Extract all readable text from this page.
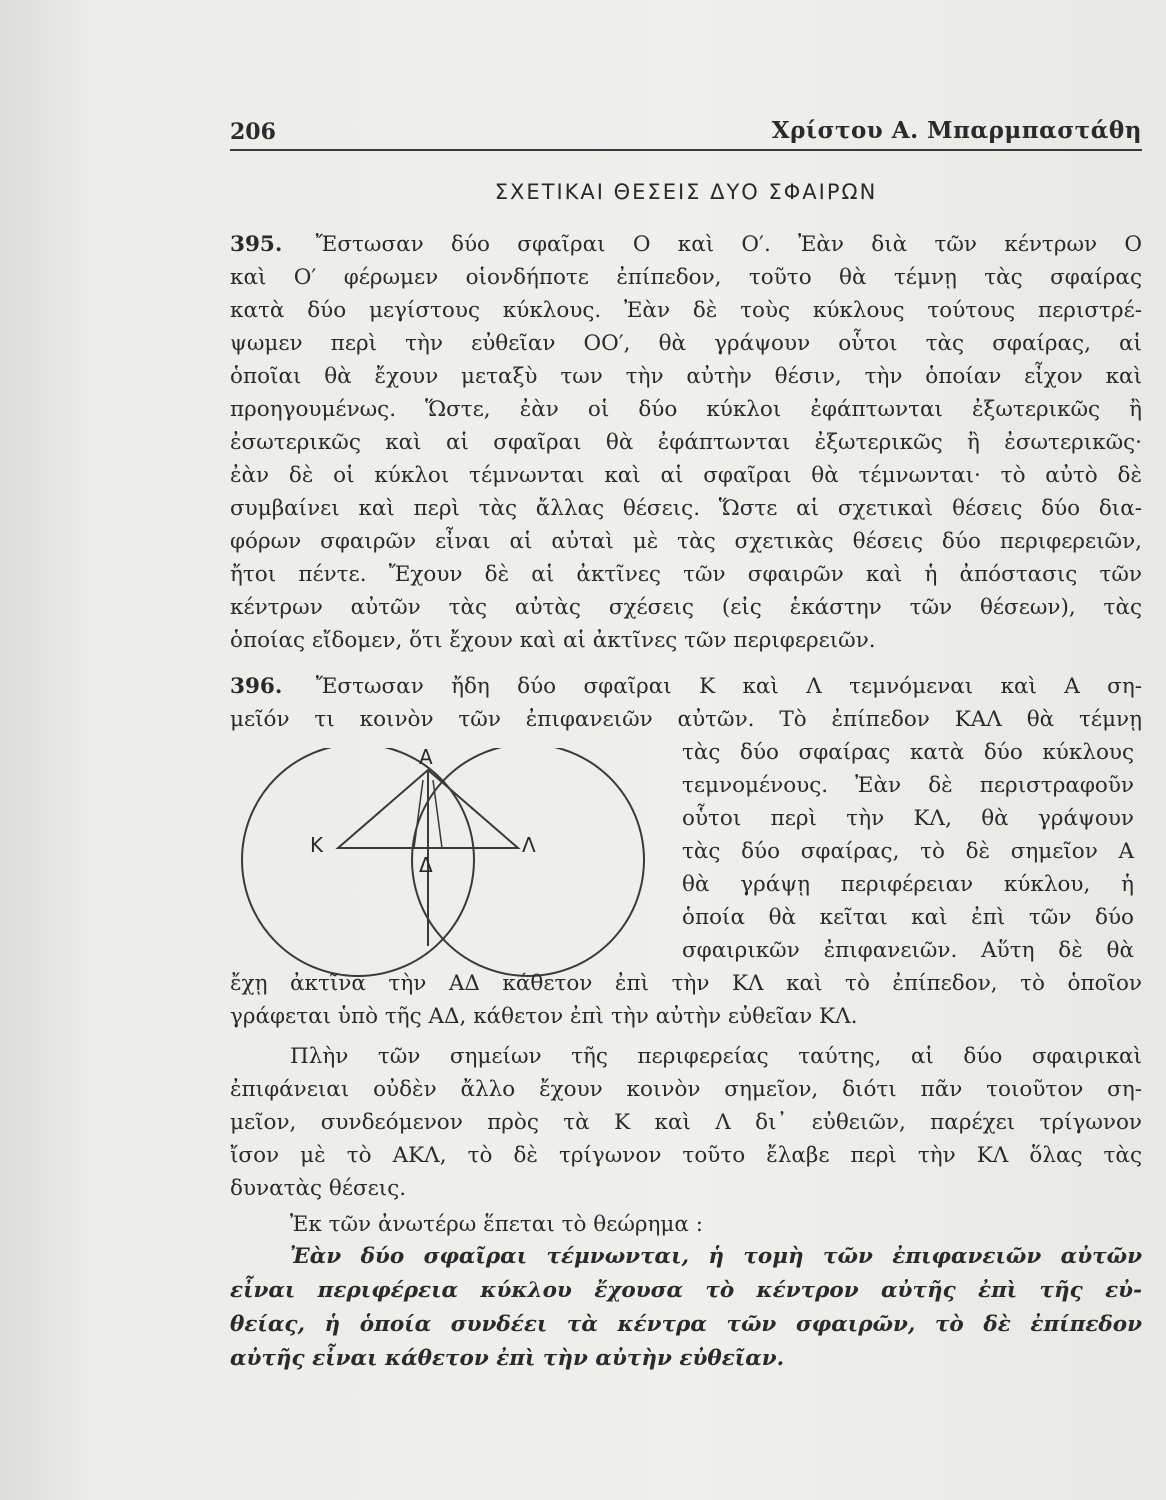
206	Χρίστου Α. Μπαρμπαστάθη
ΣΧΕΤΙΚΑΙ ΘΕΣΕΙΣ ΔΥΟ ΣΦΑΙΡΩΝ
395. Ἔστωσαν δύο σφαῖραι Ο καὶ Ο′. Ἐὰν διὰ τῶν κέντρων Ο
καὶ Ο′ φέρωμεν οἱονδήποτε ἐπίπεδον, τοῦτο θὰ τέμνῃ τὰς σφαίρας
κατὰ δύο μεγίστους κύκλους. Ἐὰν δὲ τοὺς κύκλους τούτους περιστρέ-
ψωμεν περὶ τὴν εὐθεῖαν ΟΟ′, θὰ γράψουν οὗτοι τὰς σφαίρας, αἱ
ὁποῖαι θὰ ἔχουν μεταξὺ των τὴν αὐτὴν θέσιν, τὴν ὁποίαν εἶχον καὶ
προηγουμένως. Ὥστε, ἐὰν οἱ δύο κύκλοι ἐφάπτωνται ἐξωτερικῶς ἢ
ἐσωτερικῶς καὶ αἱ σφαῖραι θὰ ἐφάπτωνται ἐξωτερικῶς ἢ ἐσωτερικῶς·
ἐὰν δὲ οἱ κύκλοι τέμνωνται καὶ αἱ σφαῖραι θὰ τέμνωνται· τὸ αὐτὸ δὲ
συμβαίνει καὶ περὶ τὰς ἄλλας θέσεις. Ὥστε αἱ σχετικαὶ θέσεις δύο δια-
φόρων σφαιρῶν εἶναι αἱ αὐταὶ μὲ τὰς σχετικὰς θέσεις δύο περιφερειῶν,
ἤτοι πέντε. Ἔχουν δὲ αἱ ἀκτῖνες τῶν σφαιρῶν καὶ ἡ ἀπόστασις τῶν
κέντρων αὐτῶν τὰς αὐτὰς σχέσεις (εἰς ἑκάστην τῶν θέσεων), τὰς
ὁποίας εἴδομεν, ὅτι ἔχουν καὶ αἱ ἀκτῖνες τῶν περιφερειῶν.
396. Ἔστωσαν ἤδη δύο σφαῖραι Κ καὶ Λ τεμνόμεναι καὶ Α ση-
μεῖόν τι κοινὸν τῶν ἐπιφανειῶν αὐτῶν. Τὸ ἐπίπεδον ΚΑΛ θὰ τέμνῃ
τὰς δύο σφαίρας κατὰ δύο κύκλους
τεμνομένους. Ἐὰν δὲ περιστραφοῦν
οὗτοι περὶ τὴν ΚΛ, θὰ γράψουν
τὰς δύο σφαίρας, τὸ δὲ σημεῖον Α
θὰ γράψῃ περιφέρειαν κύκλου, ἡ
ὁποία θὰ κεῖται καὶ ἐπὶ τῶν δύο
σφαιρικῶν ἐπιφανειῶν. Αὕτη δὲ θὰ
Α
Κ	Λ
Δ
ἔχῃ ἀκτῖνα τὴν ΑΔ κάθετον ἐπὶ τὴν ΚΛ καὶ τὸ ἐπίπεδον, τὸ ὁποῖον
γράφεται ὑπὸ τῆς ΑΔ, κάθετον ἐπὶ τὴν αὐτὴν εὐθεῖαν ΚΛ.
Πλὴν τῶν σημείων τῆς περιφερείας ταύτης, αἱ δύο σφαιρικαὶ
ἐπιφάνειαι οὐδὲν ἄλλο ἔχουν κοινὸν σημεῖον, διότι πᾶν τοιοῦτον ση-
μεῖον, συνδεόμενον πρὸς τὰ Κ καὶ Λ δι᾽ εὐθειῶν, παρέχει τρίγωνον
ἴσον μὲ τὸ ΑΚΛ, τὸ δὲ τρίγωνον τοῦτο ἔλαβε περὶ τὴν ΚΛ ὅλας τὰς
δυνατὰς θέσεις.
Ἐκ τῶν ἀνωτέρω ἕπεται τὸ θεώρημα :
Ἐὰν δύο σφαῖραι τέμνωνται, ἡ τομὴ τῶν ἐπιφανειῶν αὐτῶν
εἶναι περιφέρεια κύκλου ἔχουσα τὸ κέντρον αὐτῆς ἐπὶ τῆς εὐ-
θείας, ἡ ὁποία συνδέει τὰ κέντρα τῶν σφαιρῶν, τὸ δὲ ἐπίπεδον
αὐτῆς εἶναι κάθετον ἐπὶ τὴν αὐτὴν εὐθεῖαν.
